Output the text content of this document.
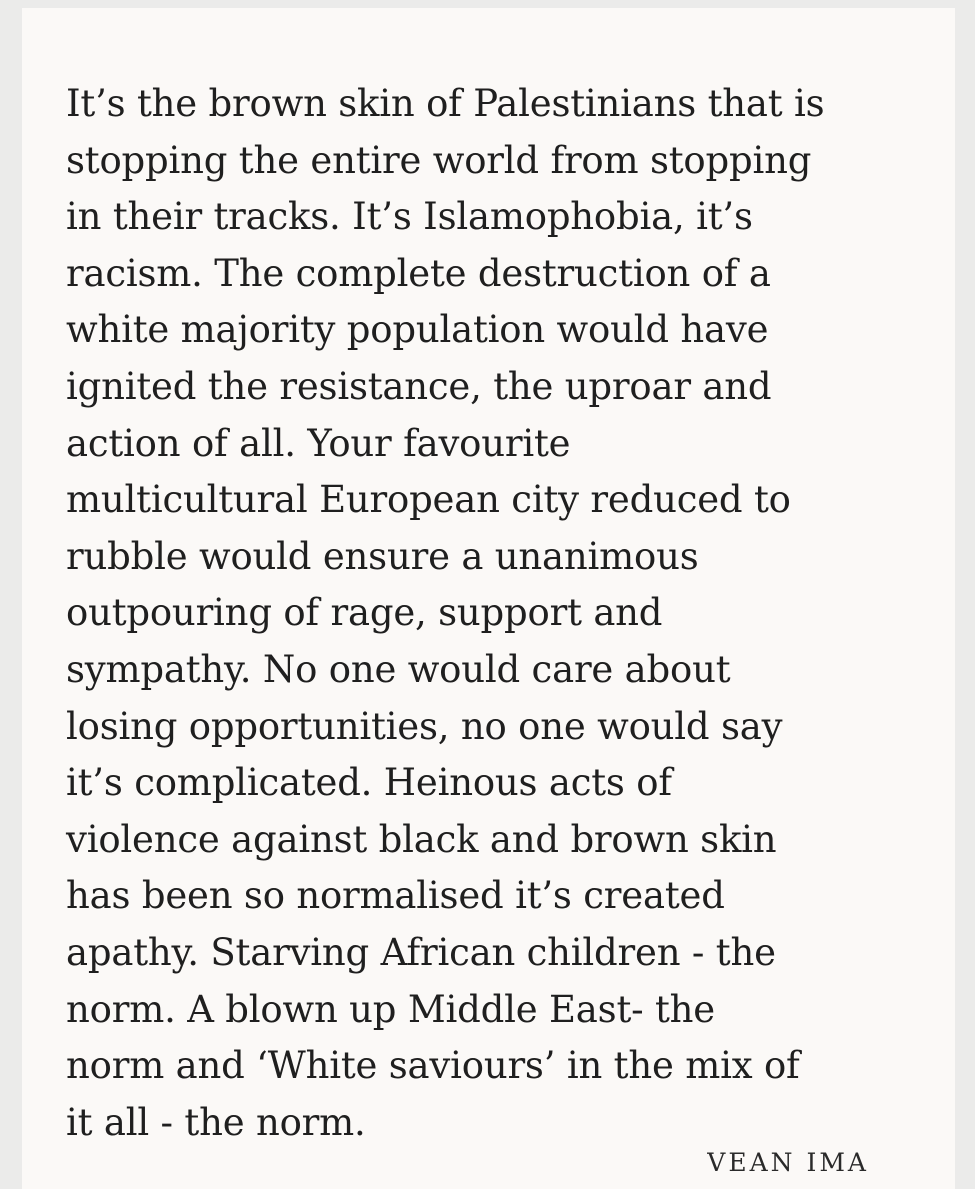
It’s the brown skin of Palestinians that is
stopping the entire world from stopping
in their tracks. It’s Islamophobia, it’s
racism. The complete destruction of a
white majority population would have
ignited the resistance, the uproar and
action of all. Your favourite
multicultural European city reduced to
rubble would ensure a unanimous
outpouring of rage, support and
sympathy. No one would care about
losing opportunities, no one would say
it’s complicated. Heinous acts of
violence against black and brown skin
has been so normalised it’s created
apathy. Starving African children - the
norm. A blown up Middle East- the
norm and ‘White saviours’ in the mix of
it all - the norm.

VEAN IMA
